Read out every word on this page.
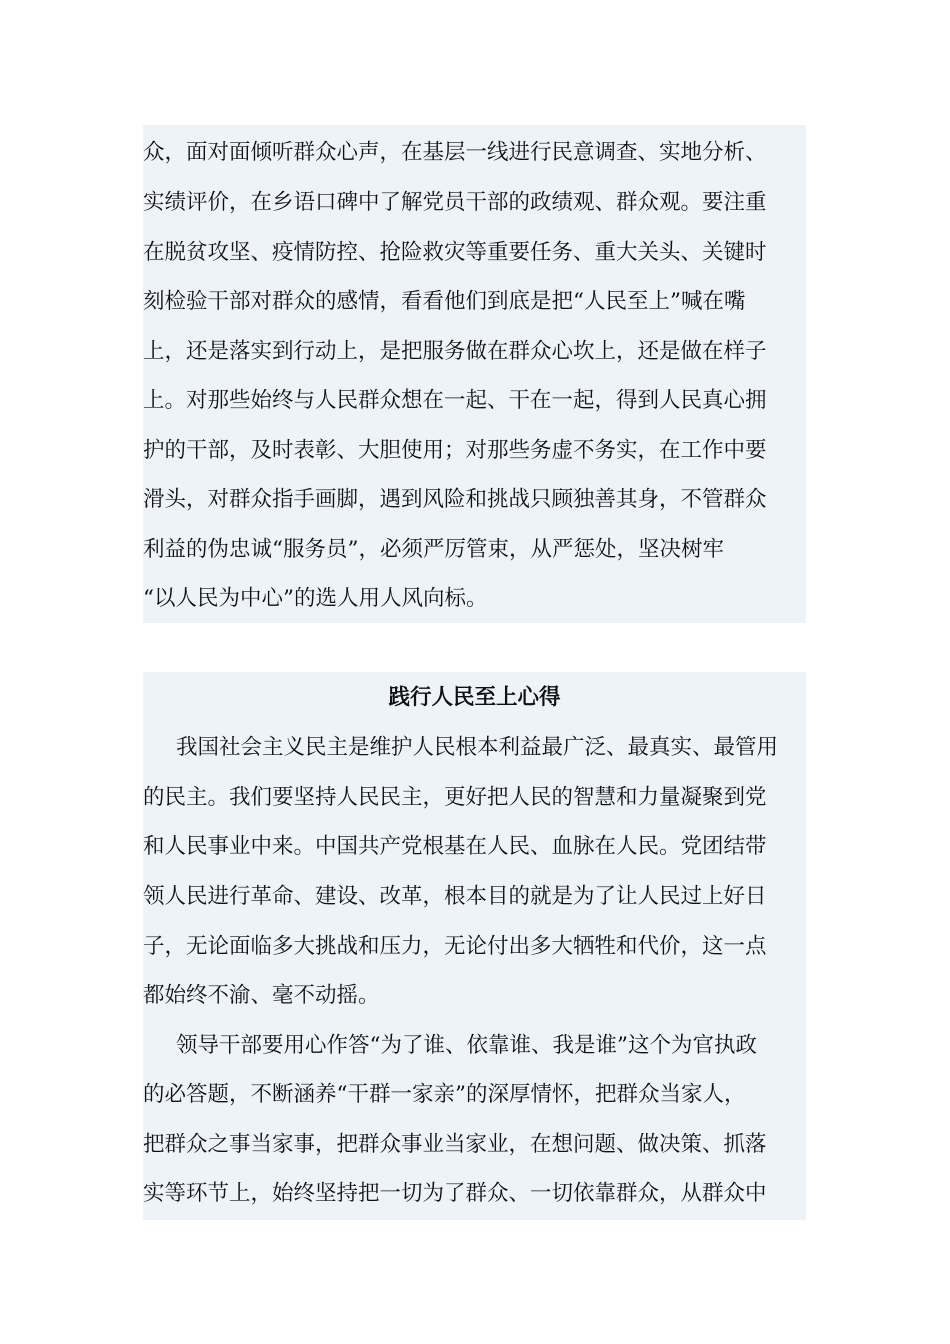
众，面对面倾听群众心声，在基层一线进行民意调查、实地分析、
实绩评价，在乡语口碑中了解党员干部的政绩观、群众观。要注重
在脱贫攻坚、疫情防控、抢险救灾等重要任务、重大关头、关键时
刻检验干部对群众的感情，看看他们到底是把“人民至上”喊在嘴
上，还是落实到行动上，是把服务做在群众心坎上，还是做在样子
上。对那些始终与人民群众想在一起、干在一起，得到人民真心拥
护的干部，及时表彰、大胆使用；对那些务虚不务实，在工作中要
滑头，对群众指手画脚，遇到风险和挑战只顾独善其身，不管群众
利益的伪忠诚“服务员”，必须严厉管束，从严惩处，坚决树牢
“以人民为中心”的选人用人风向标。
践行人民至上心得
我国社会主义民主是维护人民根本利益最广泛、最真实、最管用
的民主。我们要坚持人民民主，更好把人民的智慧和力量凝聚到党
和人民事业中来。中国共产党根基在人民、血脉在人民。党团结带
领人民进行革命、建设、改革，根本目的就是为了让人民过上好日
子，无论面临多大挑战和压力，无论付出多大牺牲和代价，这一点
都始终不渝、毫不动摇。
领导干部要用心作答“为了谁、依靠谁、我是谁”这个为官执政
的必答题，不断涵养“干群一家亲”的深厚情怀，把群众当家人，
把群众之事当家事，把群众事业当家业，在想问题、做决策、抓落
实等环节上，始终坚持把一切为了群众、一切依靠群众，从群众中
